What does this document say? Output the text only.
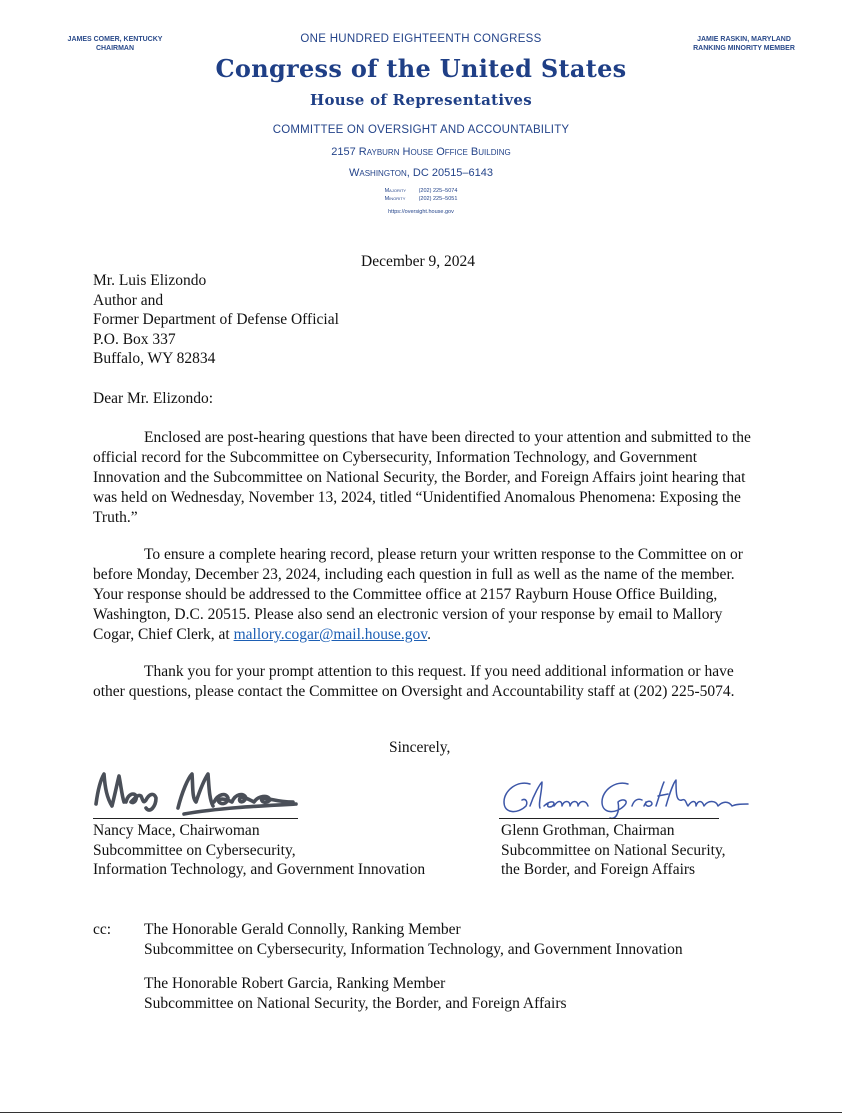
JAMES COMER, KENTUCKY
CHAIRMAN
JAMIE RASKIN, MARYLAND
RANKING MINORITY MEMBER
ONE HUNDRED EIGHTEENTH CONGRESS
Congress of the United States
House of Representatives
COMMITTEE ON OVERSIGHT AND ACCOUNTABILITY
2157 Rayburn House Office Building
Washington, DC 20515–6143
Majority (202) 225–5074
Minority (202) 225–5051
https://oversight.house.gov
December 9, 2024
Mr. Luis Elizondo
Author and
Former Department of Defense Official
P.O. Box 337
Buffalo, WY 82834
Dear Mr. Elizondo:

Enclosed are post-hearing questions that have been directed to your attention and submitted to the official record for the Subcommittee on Cybersecurity, Information Technology, and Government Innovation and the Subcommittee on National Security, the Border, and Foreign Affairs joint hearing that was held on Wednesday, November 13, 2024, titled “Unidentified Anomalous Phenomena: Exposing the Truth.”

To ensure a complete hearing record, please return your written response to the Committee on or before Monday, December 23, 2024, including each question in full as well as the name of the member. Your response should be addressed to the Committee office at 2157 Rayburn House Office Building, Washington, D.C. 20515. Please also send an electronic version of your response by email to Mallory Cogar, Chief Clerk, at mallory.cogar@mail.house.gov.

Thank you for your prompt attention to this request. If you need additional information or have other questions, please contact the Committee on Oversight and Accountability staff at (202) 225-5074.

Sincerely,
Nancy Mace, Chairwoman
Subcommittee on Cybersecurity,
Information Technology, and Government Innovation
Glenn Grothman, Chairman
Subcommittee on National Security,
the Border, and Foreign Affairs
cc: The Honorable Gerald Connolly, Ranking Member
Subcommittee on Cybersecurity, Information Technology, and Government Innovation
The Honorable Robert Garcia, Ranking Member
Subcommittee on National Security, the Border, and Foreign Affairs
